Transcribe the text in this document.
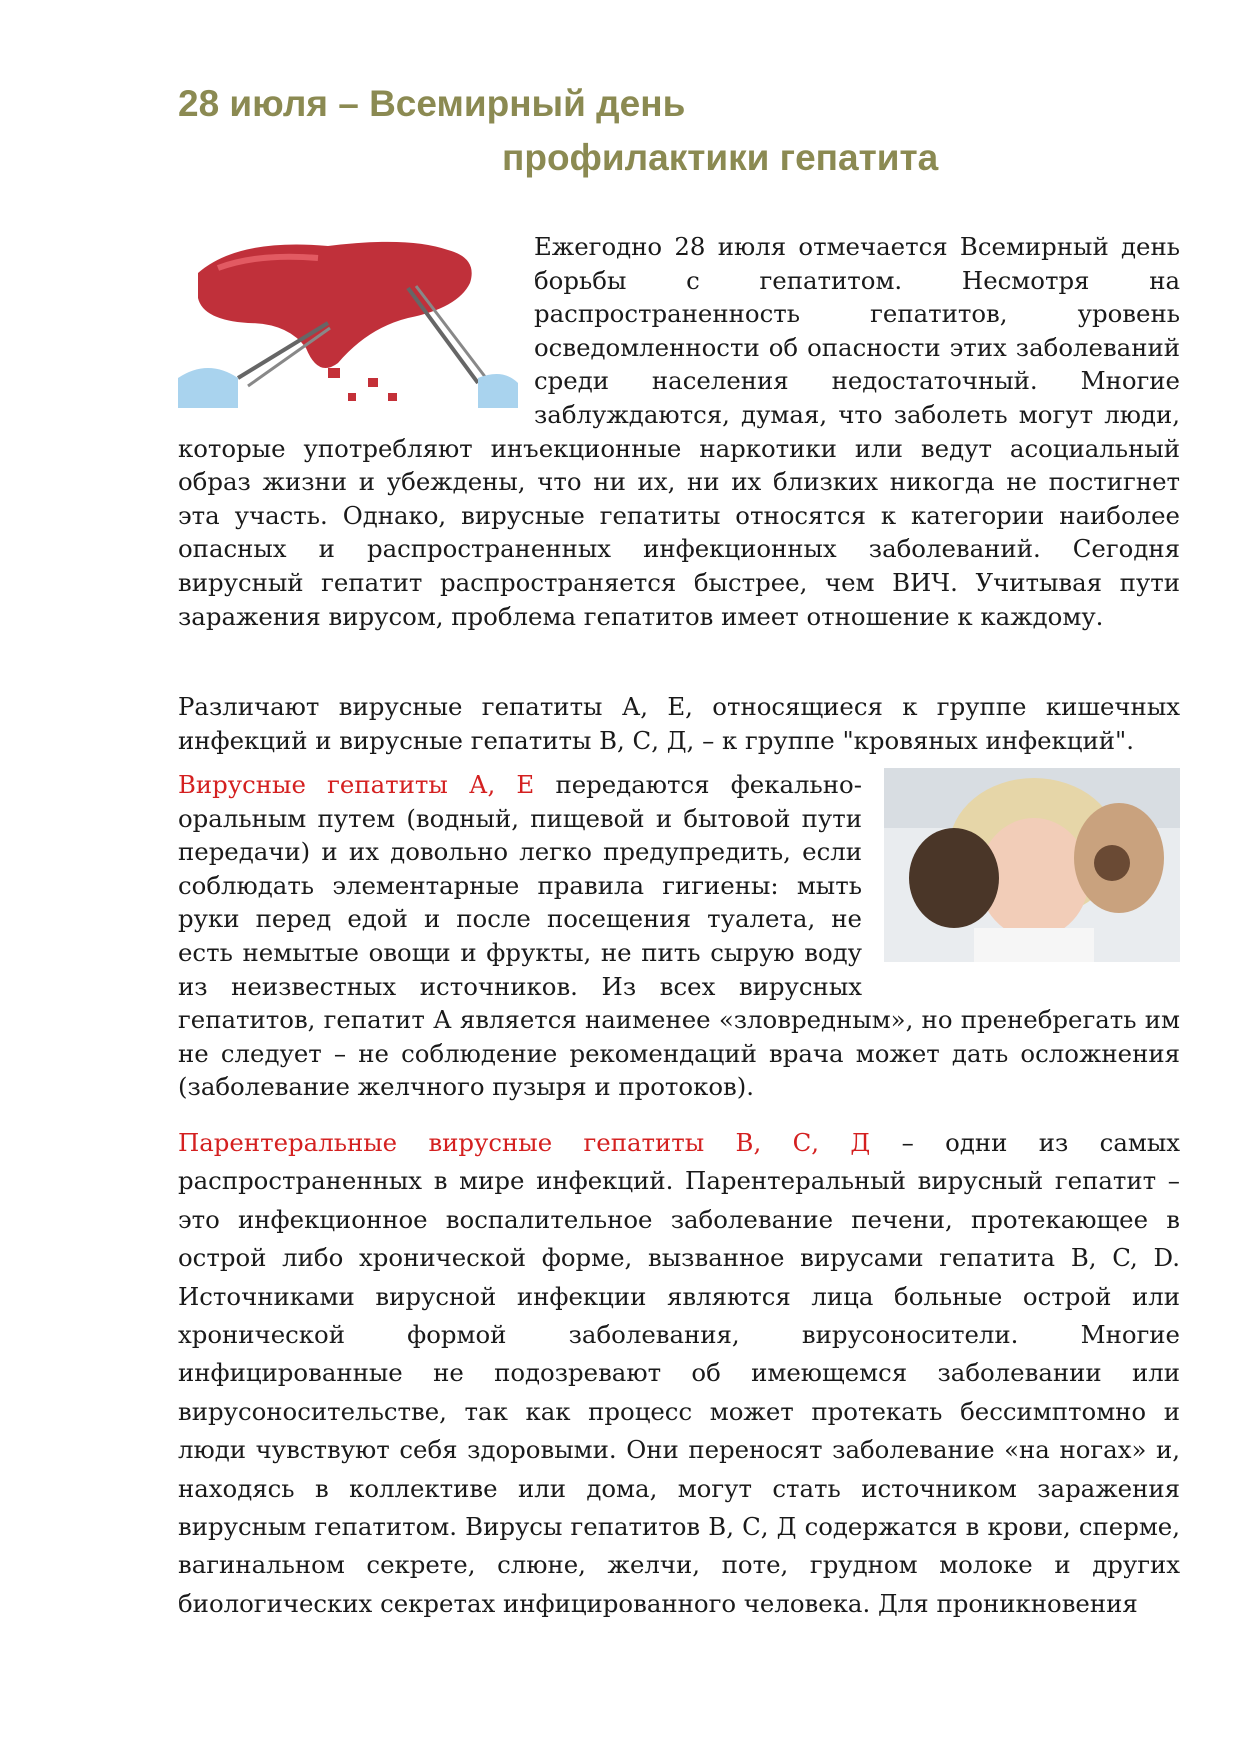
28 июля – Всемирный день
профилактики гепатита

Ежегодно 28 июля отмечается Всемирный день борьбы с гепатитом. Несмотря на распространенность гепатитов, уровень осведомленности об опасности этих заболеваний среди населения недостаточный. Многие заблуждаются, думая, что заболеть могут люди, которые употребляют инъекционные наркотики или ведут асоциальный образ жизни и убеждены, что ни их, ни их близких никогда не постигнет эта участь. Однако, вирусные гепатиты относятся к категории наиболее опасных и распространенных инфекционных заболеваний. Сегодня вирусный гепатит распространяется быстрее, чем ВИЧ. Учитывая пути заражения вирусом, проблема гепатитов имеет отношение к каждому.

Различают вирусные гепатиты А, Е, относящиеся к группе кишечных инфекций и вирусные гепатиты В, С, Д, – к группе "кровяных инфекций".

Вирусные гепатиты А, Е передаются фекально-оральным путем (водный, пищевой и бытовой пути передачи) и их довольно легко предупредить, если соблюдать элементарные правила гигиены: мыть руки перед едой и после посещения туалета, не есть немытые овощи и фрукты, не пить сырую воду из неизвестных источников. Из всех вирусных гепатитов, гепатит А является наименее «зловредным», но пренебрегать им не следует – не соблюдение рекомендаций врача может дать осложнения (заболевание желчного пузыря и протоков).

Парентеральные вирусные гепатиты В, С, Д – одни из самых распространенных в мире инфекций. Парентеральный вирусный гепатит – это инфекционное воспалительное заболевание печени, протекающее в острой либо хронической форме, вызванное вирусами гепатита B, C, D. Источниками вирусной инфекции являются лица больные острой или хронической формой заболевания, вирусоносители. Многие инфицированные не подозревают об имеющемся заболевании или вирусоносительстве, так как процесс может протекать бессимптомно и люди чувствуют себя здоровыми. Они переносят заболевание «на ногах» и, находясь в коллективе или дома, могут стать источником заражения вирусным гепатитом. Вирусы гепатитов В, С, Д содержатся в крови, сперме, вагинальном секрете, слюне, желчи, поте, грудном молоке и других биологических секретах инфицированного человека. Для проникновения
